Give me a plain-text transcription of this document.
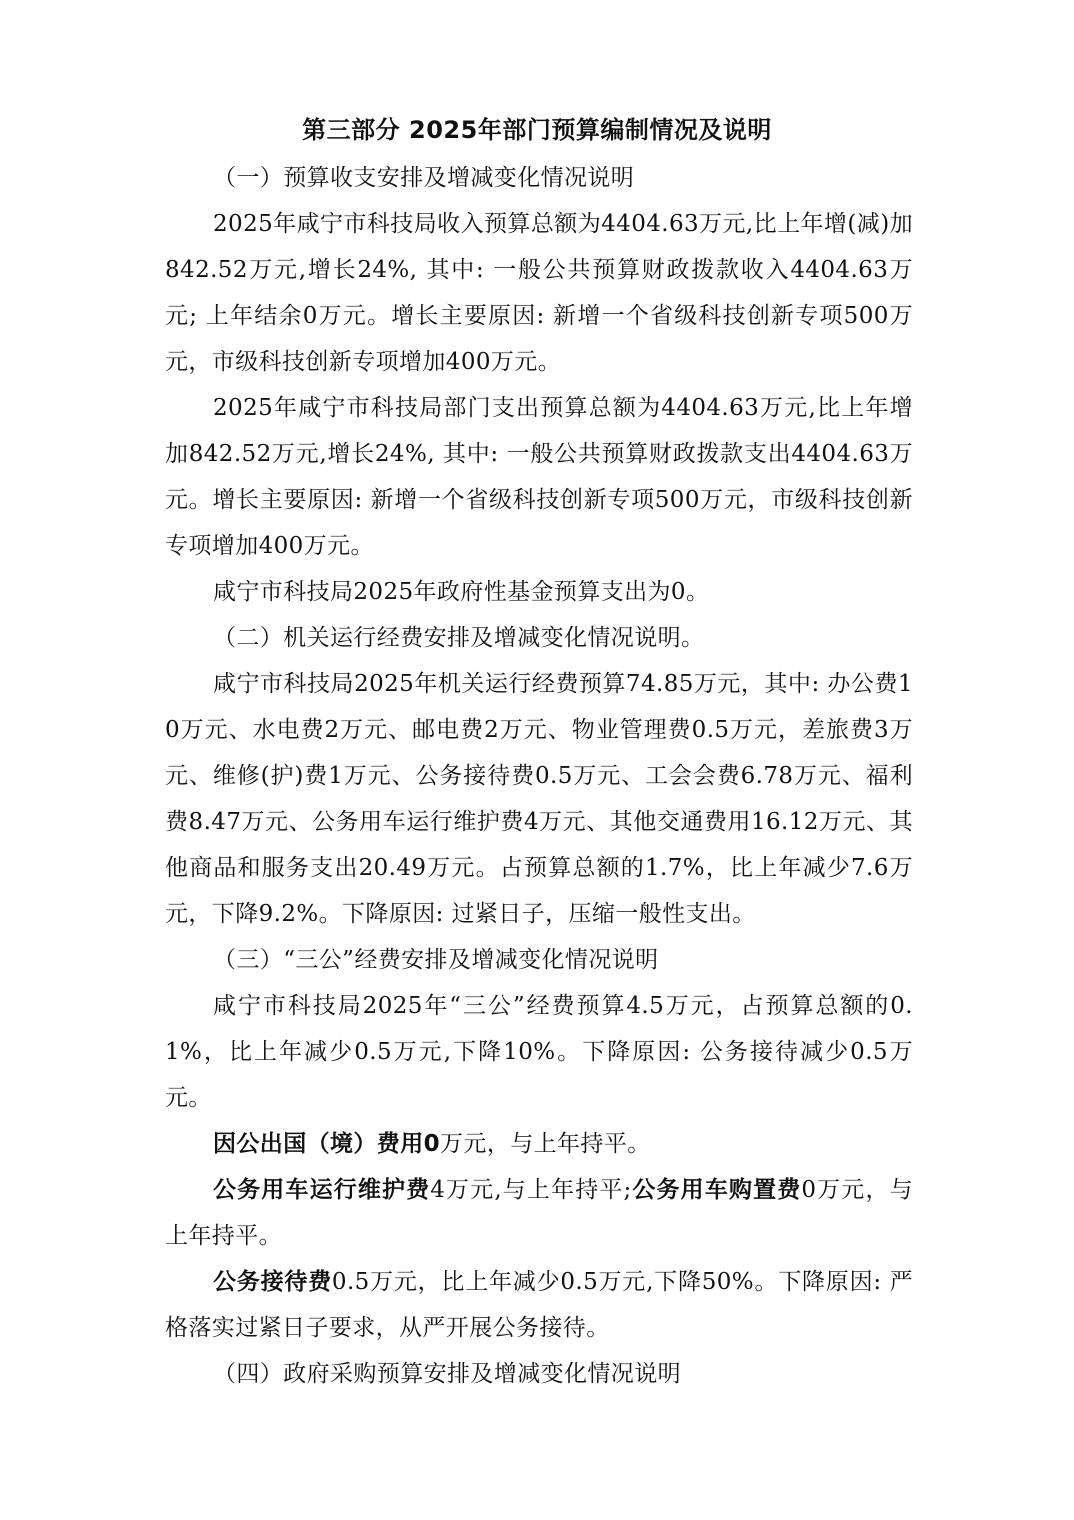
第三部分 2025年部门预算编制情况及说明

（一）预算收支安排及增减变化情况说明

2025年咸宁市科技局收入预算总额为4404.63万元,比上年增(减)加842.52万元,增长24%, 其中: 一般公共预算财政拨款收入4404.63万元; 上年结余0万元。增长主要原因: 新增一个省级科技创新专项500万元，市级科技创新专项增加400万元。

2025年咸宁市科技局部门支出预算总额为4404.63万元,比上年增加842.52万元,增长24%, 其中: 一般公共预算财政拨款支出4404.63万元。增长主要原因: 新增一个省级科技创新专项500万元，市级科技创新专项增加400万元。

咸宁市科技局2025年政府性基金预算支出为0。

（二）机关运行经费安排及增减变化情况说明。

咸宁市科技局2025年机关运行经费预算74.85万元，其中: 办公费10万元、水电费2万元、邮电费2万元、物业管理费0.5万元，差旅费3万元、维修(护)费1万元、公务接待费0.5万元、工会会费6.78万元、福利费8.47万元、公务用车运行维护费4万元、其他交通费用16.12万元、其他商品和服务支出20.49万元。占预算总额的1.7%，比上年减少7.6万元，下降9.2%。下降原因: 过紧日子，压缩一般性支出。

（三）“三公”经费安排及增减变化情况说明

咸宁市科技局2025年“三公”经费预算4.5万元，占预算总额的0.1%，比上年减少0.5万元,下降10%。下降原因: 公务接待减少0.5万元。

因公出国（境）费用0万元，与上年持平。

公务用车运行维护费4万元,与上年持平;公务用车购置费0万元，与上年持平。

公务接待费0.5万元，比上年减少0.5万元,下降50%。下降原因: 严格落实过紧日子要求，从严开展公务接待。

（四）政府采购预算安排及增减变化情况说明
